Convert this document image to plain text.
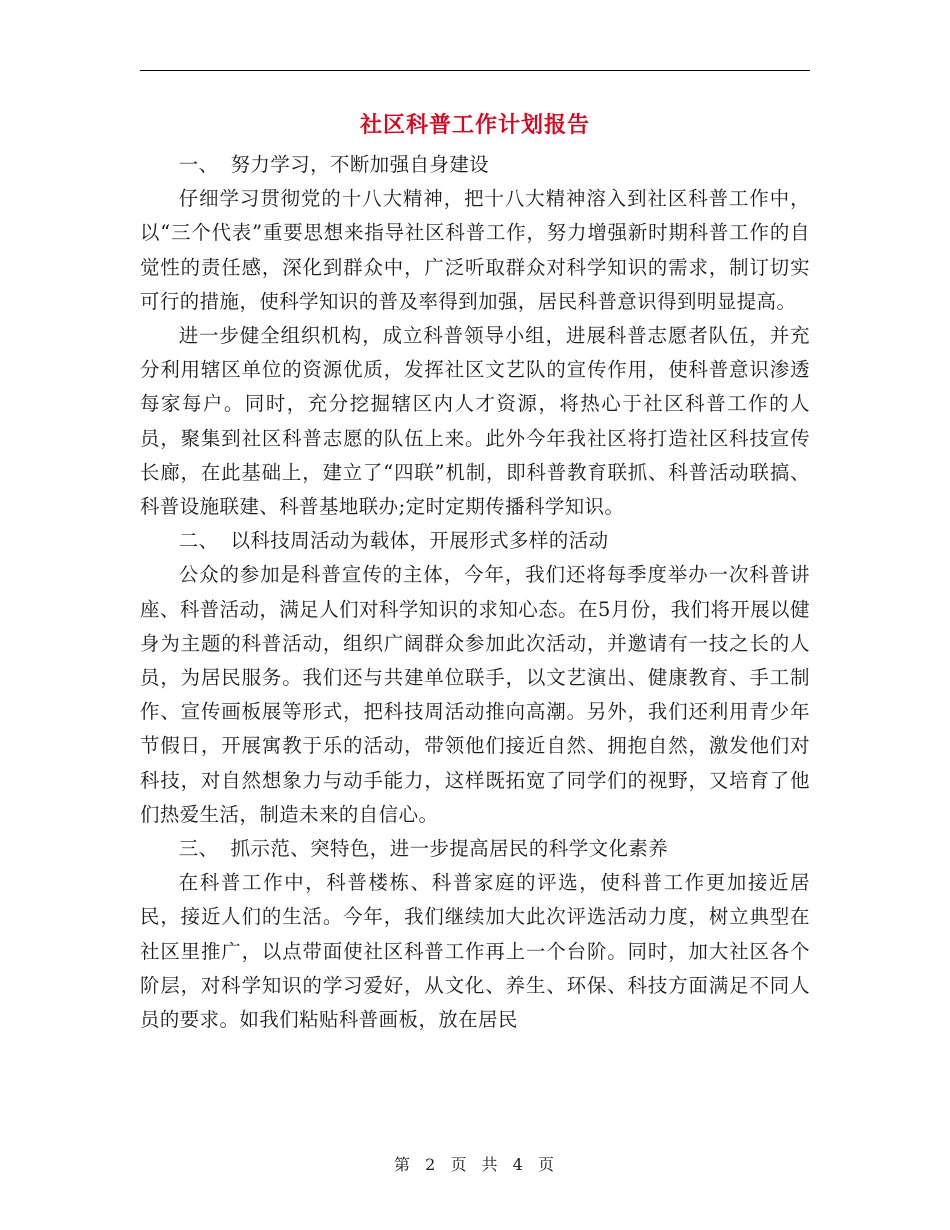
社区科普工作计划报告

一、 努力学习，不断加强自身建设

仔细学习贯彻党的十八大精神，把十八大精神溶入到社区科普工作中，以“三个代表”重要思想来指导社区科普工作，努力增强新时期科普工作的自觉性的责任感，深化到群众中，广泛听取群众对科学知识的需求，制订切实可行的措施，使科学知识的普及率得到加强，居民科普意识得到明显提高。

进一步健全组织机构，成立科普领导小组，进展科普志愿者队伍，并充分利用辖区单位的资源优质，发挥社区文艺队的宣传作用，使科普意识渗透每家每户。同时，充分挖掘辖区内人才资源，将热心于社区科普工作的人员，聚集到社区科普志愿的队伍上来。此外今年我社区将打造社区科技宣传长廊，在此基础上，建立了“四联”机制，即科普教育联抓、科普活动联搞、科普设施联建、科普基地联办;定时定期传播科学知识。

二、 以科技周活动为载体，开展形式多样的活动

公众的参加是科普宣传的主体，今年，我们还将每季度举办一次科普讲座、科普活动，满足人们对科学知识的求知心态。在5月份，我们将开展以健身为主题的科普活动，组织广阔群众参加此次活动，并邀请有一技之长的人员，为居民服务。我们还与共建单位联手，以文艺演出、健康教育、手工制作、宣传画板展等形式，把科技周活动推向高潮。另外，我们还利用青少年节假日，开展寓教于乐的活动，带领他们接近自然、拥抱自然，激发他们对科技，对自然想象力与动手能力，这样既拓宽了同学们的视野，又培育了他们热爱生活，制造未来的自信心。

三、 抓示范、突特色，进一步提高居民的科学文化素养

在科普工作中，科普楼栋、科普家庭的评选，使科普工作更加接近居民，接近人们的生活。今年，我们继续加大此次评选活动力度，树立典型在社区里推广，以点带面使社区科普工作再上一个台阶。同时，加大社区各个阶层，对科学知识的学习爱好，从文化、养生、环保、科技方面满足不同人员的要求。如我们粘贴科普画板，放在居民

第 2 页 共 4 页
